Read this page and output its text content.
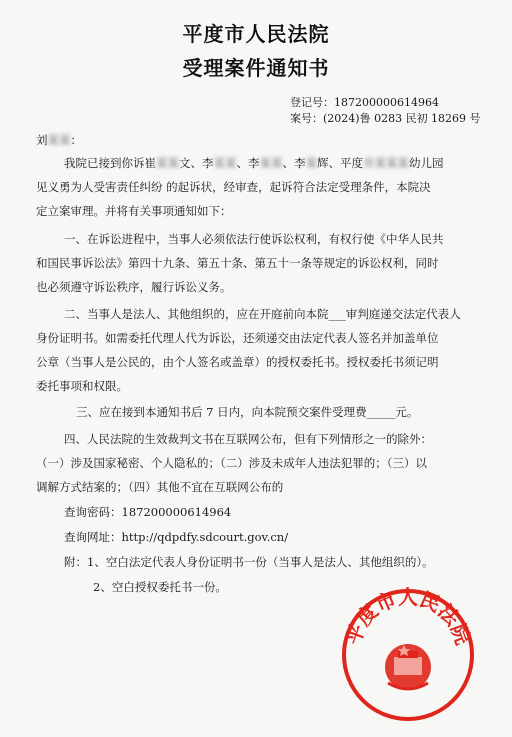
平度市人民法院
受理案件通知书
登记号：187200000614964
案号：(2024)鲁 0283 民初 18269 号
刘某某：
我院已接到你诉崔某某文、李某某、李某某、李某辉、平度市某某某幼儿园
见义勇为人受害责任纠纷 的起诉状，经审查，起诉符合法定受理条件，本院决
定立案审理。并将有关事项通知如下：
一、在诉讼进程中，当事人必须依法行使诉讼权利，有权行使《中华人民共
和国民事诉讼法》第四十九条、第五十条、第五十一条等规定的诉讼权利，同时
也必须遵守诉讼秩序，履行诉讼义务。
二、当事人是法人、其他组织的，应在开庭前向本院___审判庭递交法定代表人
身份证明书。如需委托代理人代为诉讼，还须递交由法定代表人签名并加盖单位
公章（当事人是公民的，由个人签名或盖章）的授权委托书。授权委托书须记明
委托事项和权限。
三、应在接到本通知书后 7 日内，向本院预交案件受理费_____元。
四、人民法院的生效裁判文书在互联网公布，但有下列情形之一的除外：
（一）涉及国家秘密、个人隐私的；（二）涉及未成年人违法犯罪的；（三）以
调解方式结案的；（四）其他不宜在互联网公布的
查询密码：187200000614964
查询网址：http://qdpdfy.sdcourt.gov.cn/
附：1、空白法定代表人身份证明书一份（当事人是法人、其他组织的）。
2、空白授权委托书一份。
平度市人民法院
